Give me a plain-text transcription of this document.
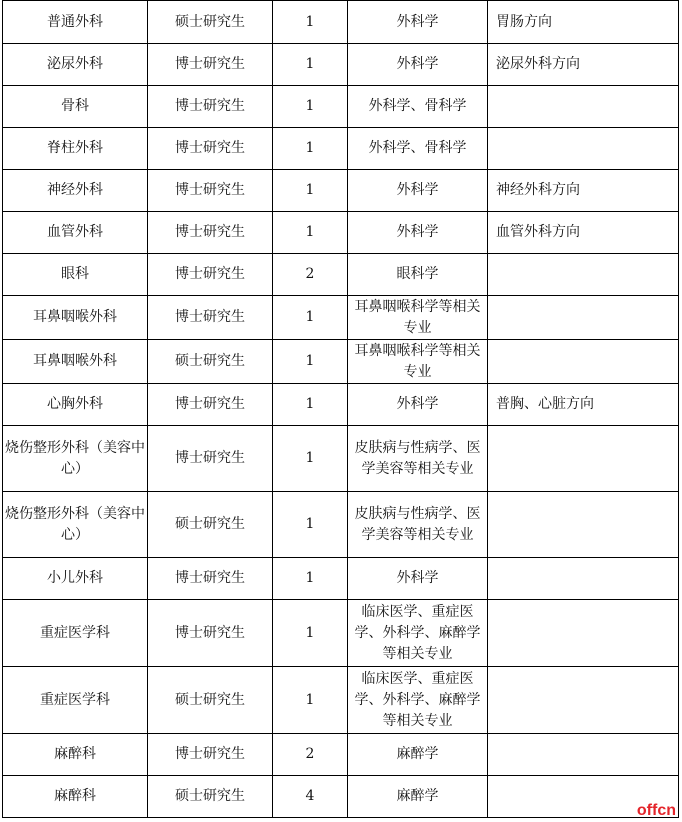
普通外科	硕士研究生	1	外科学	胃肠方向
泌尿外科	博士研究生	1	外科学	泌尿外科方向
骨科	博士研究生	1	外科学、骨科学	
脊柱外科	博士研究生	1	外科学、骨科学	
神经外科	博士研究生	1	外科学	神经外科方向
血管外科	博士研究生	1	外科学	血管外科方向
眼科	博士研究生	2	眼科学	
耳鼻咽喉外科	博士研究生	1	耳鼻咽喉科学等相关专业	
耳鼻咽喉外科	硕士研究生	1	耳鼻咽喉科学等相关专业	
心胸外科	博士研究生	1	外科学	普胸、心脏方向
烧伤整形外科（美容中心）	博士研究生	1	皮肤病与性病学、医学美容等相关专业	
烧伤整形外科（美容中心）	硕士研究生	1	皮肤病与性病学、医学美容等相关专业	
小儿外科	博士研究生	1	外科学	
重症医学科	博士研究生	1	临床医学、重症医学、外科学、麻醉学等相关专业	
重症医学科	硕士研究生	1	临床医学、重症医学、外科学、麻醉学等相关专业	
麻醉科	博士研究生	2	麻醉学	
麻醉科	硕士研究生	4	麻醉学	
offcn
